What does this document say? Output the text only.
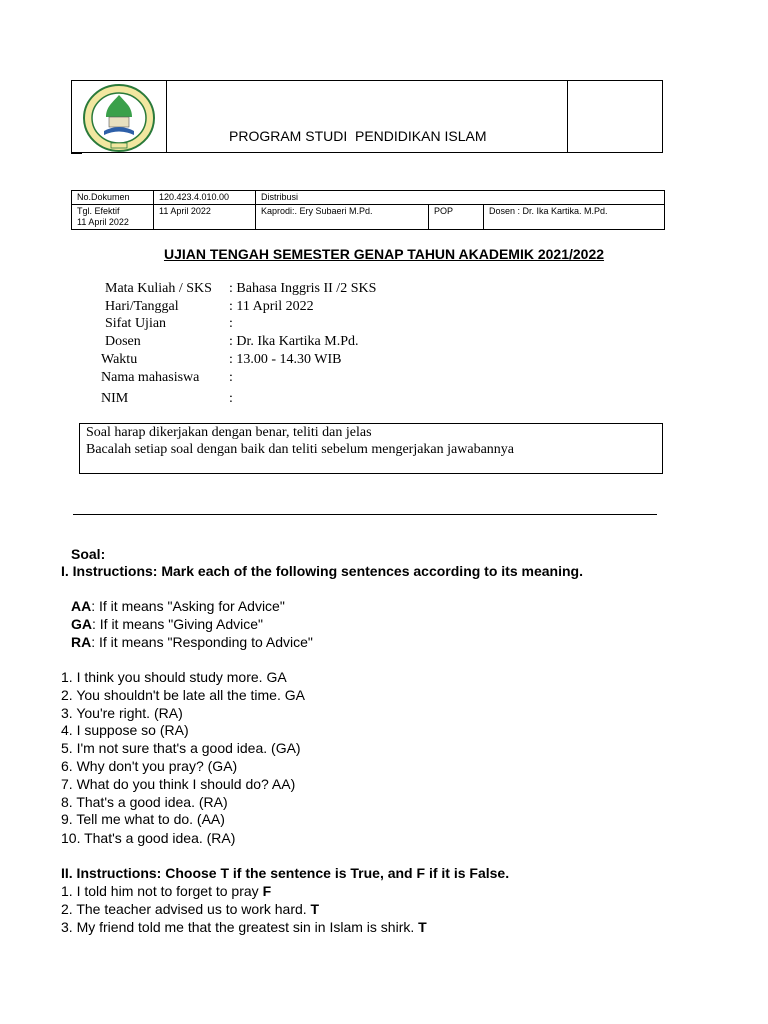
PROGRAM STUDI  PENDIDIKAN ISLAM
No.Dokumen	120.423.4.010.00	Distribusi		

Tgl. Efektif
11 April 2022	11 April 2022	Kaprodi:. Ery Subaeri M.Pd.	POP	Dosen : Dr. Ika Kartika. M.Pd.
UJIAN TENGAH SEMESTER GENAP TAHUN AKADEMIK 2021/2022
Mata Kuliah / SKS : Bahasa Inggris II /2 SKS
Hari/Tanggal	: 11 April 2022
Sifat Ujian	:
Dosen	: Dr. Ika Kartika M.Pd.
Waktu	: 13.00 - 14.30 WIB
Nama mahasiswa :
NIM	:
Soal harap dikerjakan dengan benar, teliti dan jelas
Bacalah setiap soal dengan baik dan teliti sebelum mengerjakan jawabannya
Soal:
I. Instructions: Mark each of the following sentences according to its meaning.
AA: If it means "Asking for Advice"
GA: If it means "Giving Advice"
RA: If it means "Responding to Advice"
1. I think you should study more. GA
2. You shouldn't be late all the time. GA
3. You're right. (RA)
4. I suppose so (RA)
5. I'm not sure that's a good idea. (GA)
6. Why don't you pray? (GA)
7. What do you think I should do? AA)
8. That's a good idea. (RA)
9. Tell me what to do. (AA)
10. That's a good idea. (RA)
II. Instructions: Choose T if the sentence is True, and F if it is False.
1. I told him not to forget to pray F
2. The teacher advised us to work hard. T
3. My friend told me that the greatest sin in Islam is shirk. T
